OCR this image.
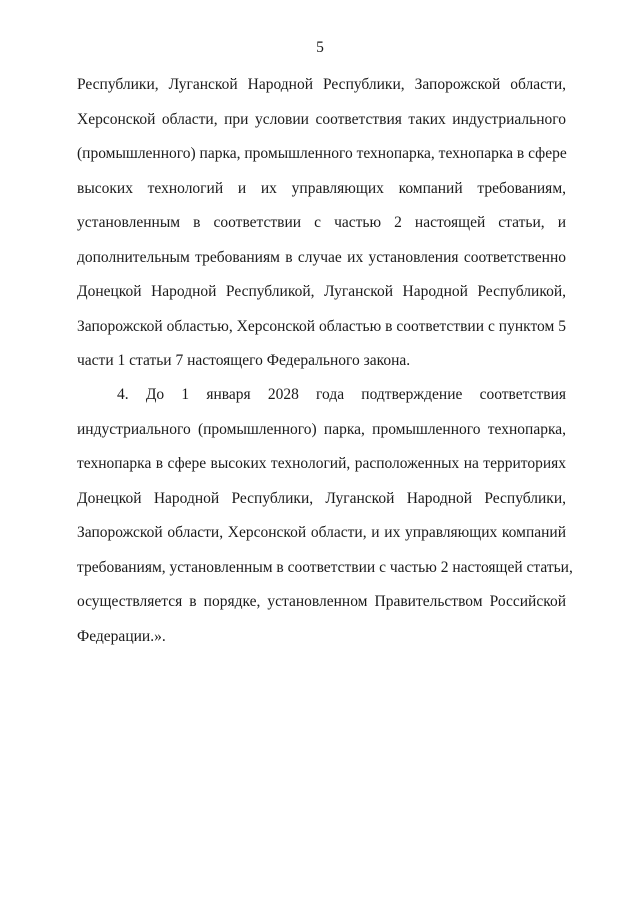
5
Республики, Луганской Народной Республики, Запорожской области,
Херсонской области, при условии соответствия таких индустриального
(промышленного) парка, промышленного технопарка, технопарка в сфере
высоких технологий и их управляющих компаний требованиям,
установленным в соответствии с частью 2 настоящей статьи, и
дополнительным требованиям в случае их установления соответственно
Донецкой Народной Республикой, Луганской Народной Республикой,
Запорожской областью, Херсонской областью в соответствии с пунктом 5
части 1 статьи 7 настоящего Федерального закона.
4. До 1 января 2028 года подтверждение соответствия
индустриального (промышленного) парка, промышленного технопарка,
технопарка в сфере высоких технологий, расположенных на территориях
Донецкой Народной Республики, Луганской Народной Республики,
Запорожской области, Херсонской области, и их управляющих компаний
требованиям, установленным в соответствии с частью 2 настоящей статьи,
осуществляется в порядке, установленном Правительством Российской
Федерации.».
